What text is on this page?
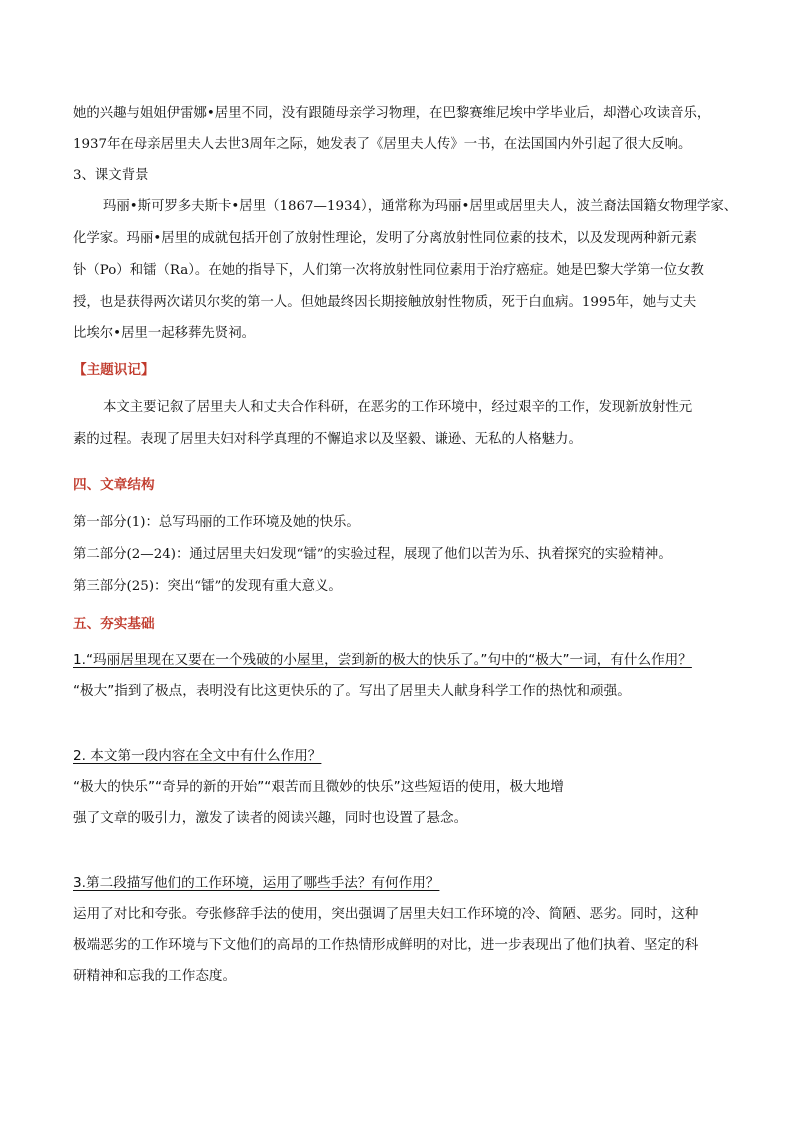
她的兴趣与姐姐伊雷娜•居里不同，没有跟随母亲学习物理，在巴黎赛维尼埃中学毕业后，却潜心攻读音乐，

1937年在母亲居里夫人去世3周年之际，她发表了《居里夫人传》一书，在法国国内外引起了很大反响。

3、课文背景

玛丽•斯可罗多夫斯卡•居里（1867—1934），通常称为玛丽•居里或居里夫人，波兰裔法国籍女物理学家、

化学家。玛丽•居里的成就包括开创了放射性理论，发明了分离放射性同位素的技术，以及发现两种新元素

钋（Po）和镭（Ra）。在她的指导下，人们第一次将放射性同位素用于治疗癌症。她是巴黎大学第一位女教

授，也是获得两次诺贝尔奖的第一人。但她最终因长期接触放射性物质，死于白血病。1995年，她与丈夫

比埃尔•居里一起移葬先贤祠。

【主题识记】

本文主要记叙了居里夫人和丈夫合作科研，在恶劣的工作环境中，经过艰辛的工作，发现新放射性元

素的过程。表现了居里夫妇对科学真理的不懈追求以及坚毅、谦逊、无私的人格魅力。

四、文章结构

第一部分(1)：总写玛丽的工作环境及她的快乐。

第二部分(2—24)：通过居里夫妇发现“镭”的实验过程，展现了他们以苦为乐、执着探究的实验精神。

第三部分(25)：突出“镭”的发现有重大意义。

五、夯实基础

1.“玛丽居里现在又要在一个残破的小屋里，尝到新的极大的快乐了。”句中的“极大”一词，有什么作用？

“极大”指到了极点，表明没有比这更快乐的了。写出了居里夫人献身科学工作的热忱和顽强。

2. 本文第一段内容在全文中有什么作用？

“极大的快乐”“奇异的新的开始”“艰苦而且微妙的快乐”这些短语的使用，极大地增

强了文章的吸引力，激发了读者的阅读兴趣，同时也设置了悬念。

3.第二段描写他们的工作环境，运用了哪些手法？有何作用？

运用了对比和夸张。夸张修辞手法的使用，突出强调了居里夫妇工作环境的冷、简陋、恶劣。同时，这种

极端恶劣的工作环境与下文他们的高昂的工作热情形成鲜明的对比，进一步表现出了他们执着、坚定的科

研精神和忘我的工作态度。
